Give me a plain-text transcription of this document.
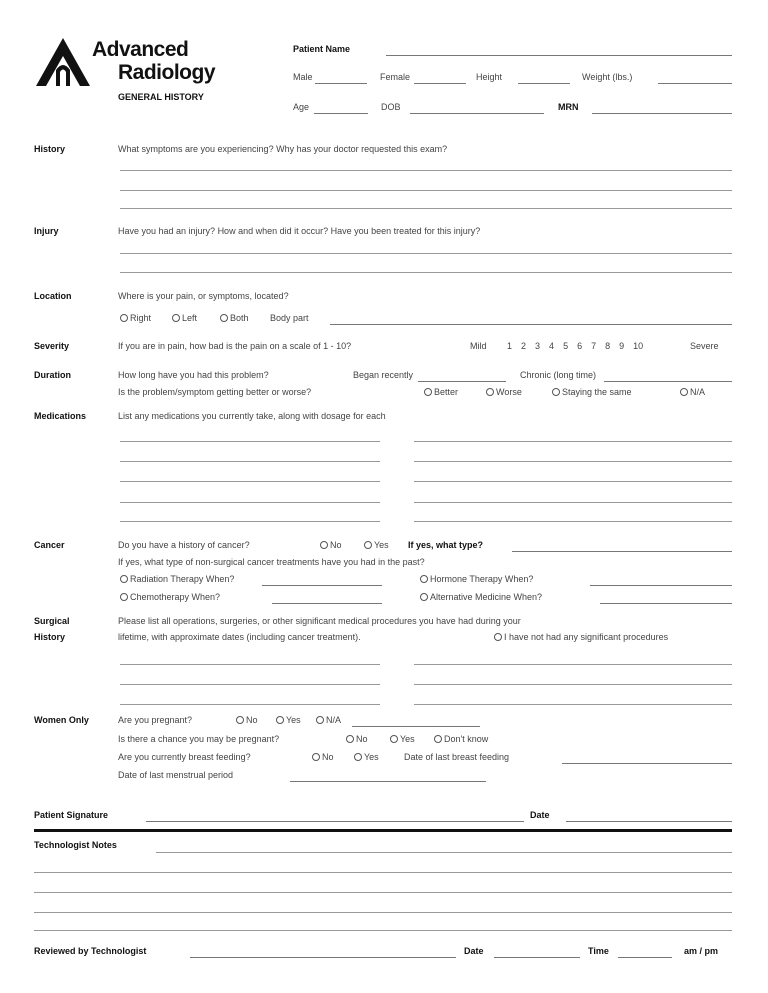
Advanced
Radiology
GENERAL HISTORY
Patient Name
Male	Female	Height	Weight (lbs.)
Age	DOB	MRN
History	What symptoms are you experiencing? Why has your doctor requested this exam?
Injury	Have you had an injury? How and when did it occur? Have you been treated for this injury?
Location	Where is your pain, or symptoms, located?
Right	Left	Both Body part
Severity	If you are in pain, how bad is the pain on a scale of 1 - 10?	Mild 1 2 3 4 5 6 7 8 9 10	Severe
Duration	How long have you had this problem?	Began recently	Chronic (long time)
Is the problem/symptom getting better or worse?	Better	Worse	Staying the same	N/A
Medications	List any medications you currently take, along with dosage for each
Cancer	Do you have a history of cancer?	No	Yes If yes, what type?
If yes, what type of non-surgical cancer treatments have you had in the past?
Radiation Therapy When?	Hormone Therapy When?
Chemotherapy When?	Alternative Medicine When?
Surgical
History
Please list all operations, surgeries, or other significant medical procedures you have had during your
lifetime, with approximate dates (including cancer treatment).	I have not had any significant procedures
Women Only	Are you pregnant?	No	Yes	N/A
Is there a chance you may be pregnant?	No	Yes	Don't know
Are you currently breast feeding?	No	Yes	Date of last breast feeding
Date of last menstrual period
Patient Signature	Date
Technologist Notes
Reviewed by Technologist	Date	Time	am / pm
